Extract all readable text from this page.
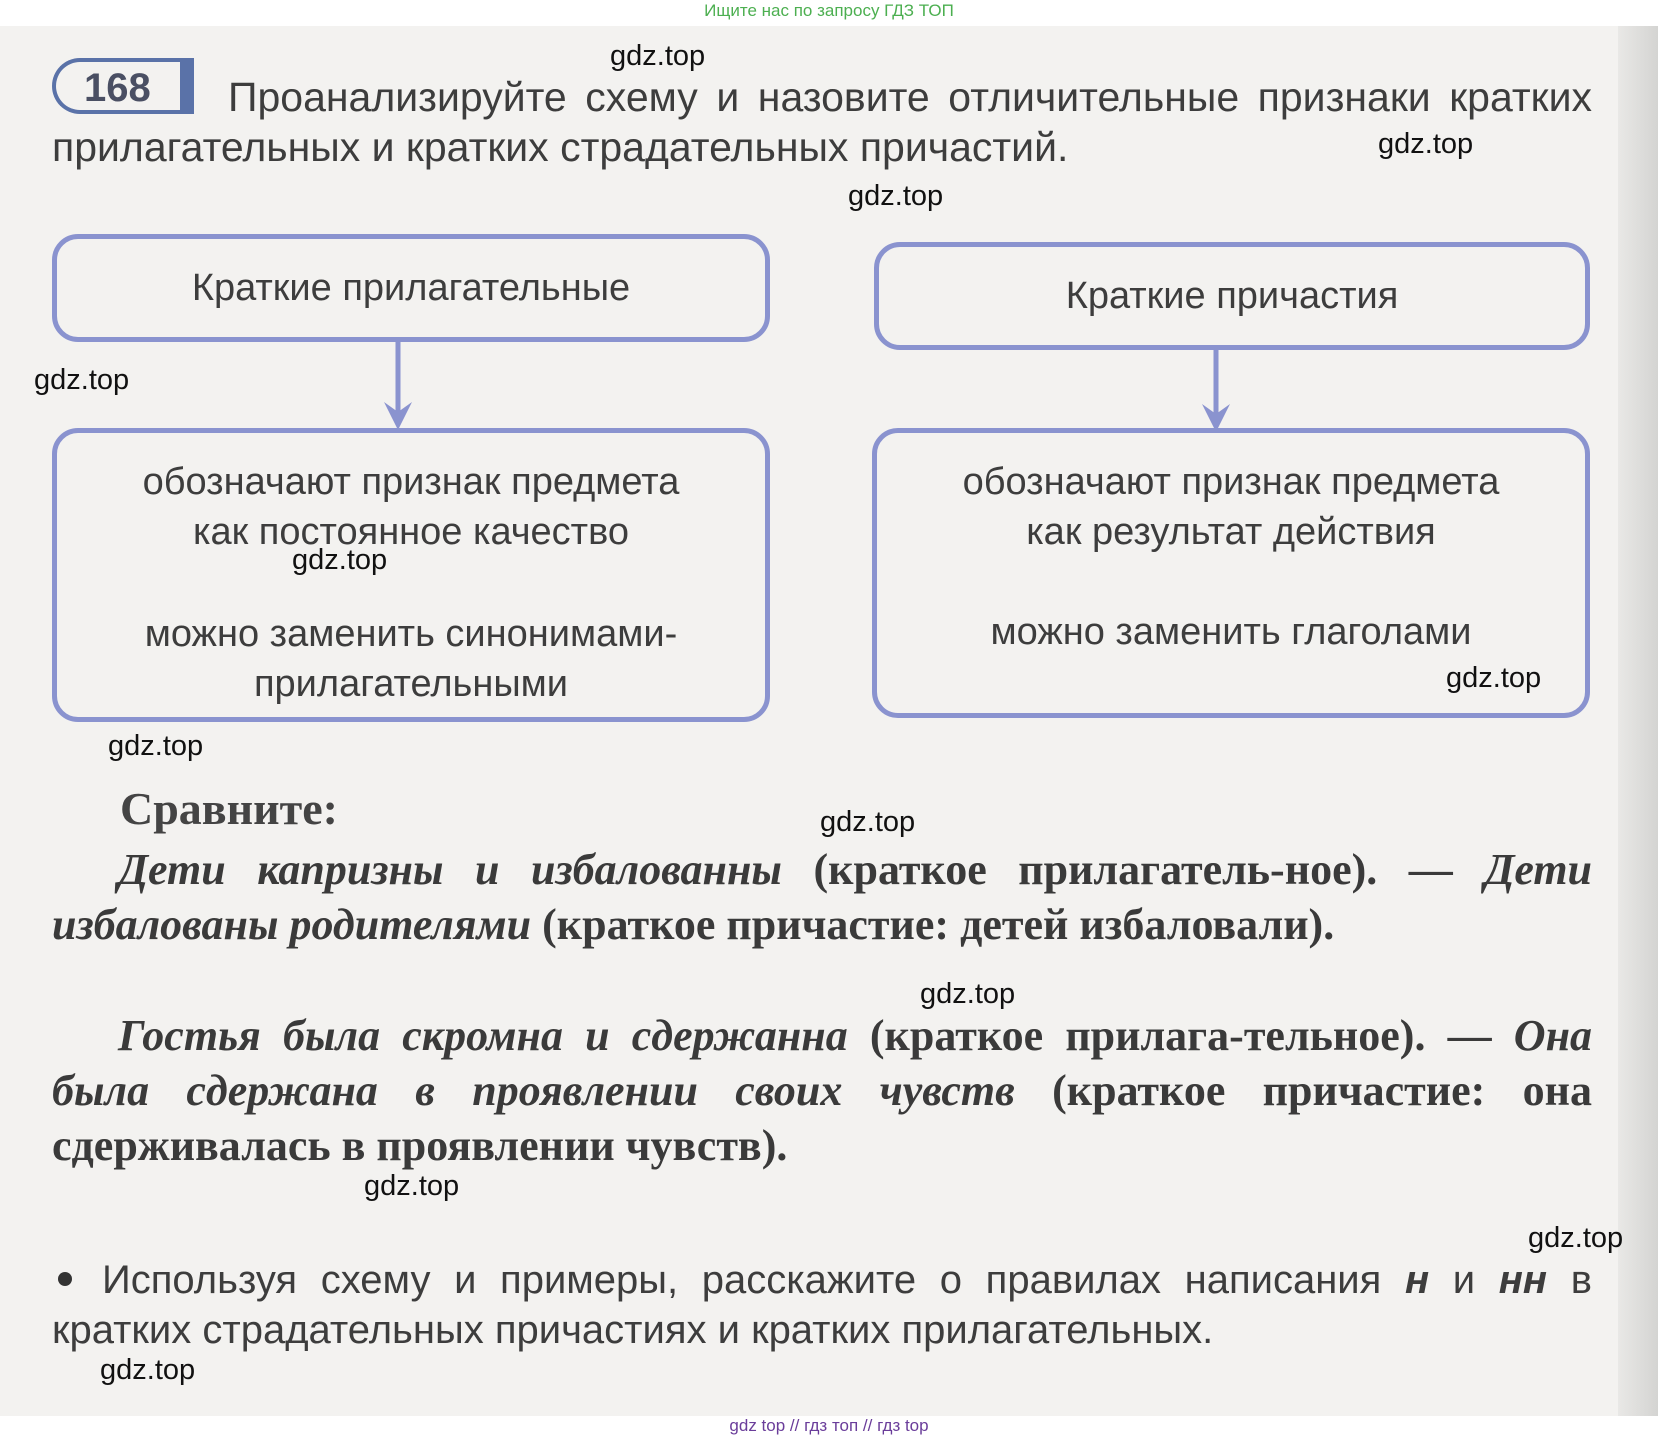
Ищите нас по запросу ГДЗ ТОП
168	Проанализируйте схему и назовите отличительные признаки кратких прилагательных и кратких страдательных причастий.

Краткие прилагательные	Краткие причастия

обозначают признак предмета

как постоянное качество

можно заменить синонимами-

прилагательными

обозначают признак предмета

как результат действия

можно заменить глаголами

Сравните:
Дети капризны и избалованны (краткое прилагатель-ное). — Дети избалованы родителями (краткое причастие: детей избаловали).
Гостья была скромна и сдержанна (краткое прилага-тельное). — Она была сдержана в проявлении своих чувств (краткое причастие: она сдерживалась в проявлении чувств).
Используя схему и примеры, расскажите о правилах написания н и нн в кратких страдательных причастиях и кратких прилагательных.
gdz.top
gdz.top
gdz.top
gdz.top
gdz.top
gdz.top
gdz.top
gdz.top
gdz.top
gdz.top
gdz.top
gdz.top
gdz top // гдз топ // гдз top
